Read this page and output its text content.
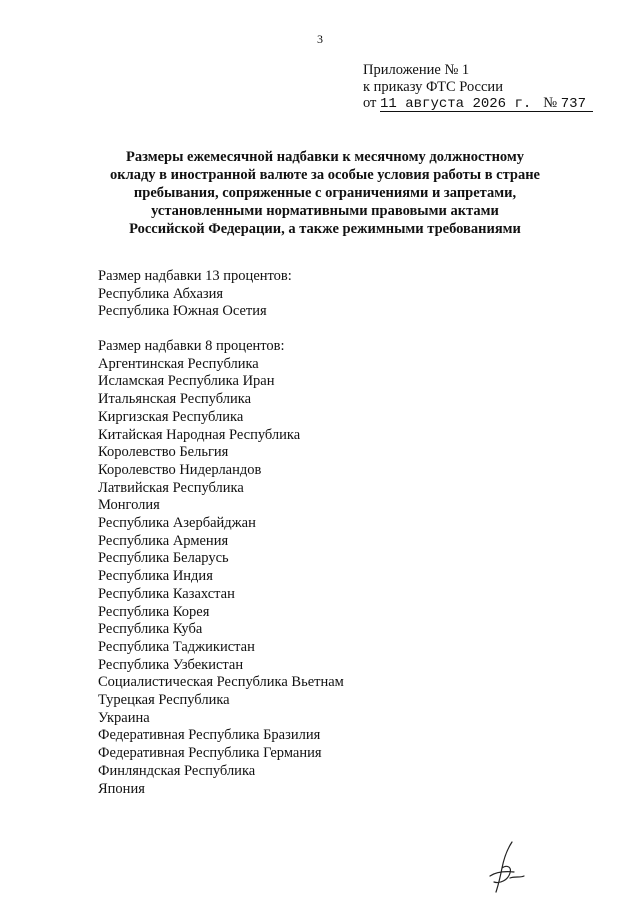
3
Приложение № 1
к приказу ФТС России
от 11 августа 2026 г. № 737
Размеры ежемесячной надбавки к месячному должностному
окладу в иностранной валюте за особые условия работы в стране
пребывания, сопряженные с ограничениями и запретами,
установленными нормативными правовыми актами
Российской Федерации, а также режимными требованиями
Размер надбавки 13 процентов:
Республика Абхазия
Республика Южная Осетия
Размер надбавки 8 процентов:
Аргентинская Республика
Исламская Республика Иран
Итальянская Республика
Киргизская Республика
Китайская Народная Республика
Королевство Бельгия
Королевство Нидерландов
Латвийская Республика
Монголия
Республика Азербайджан
Республика Армения
Республика Беларусь
Республика Индия
Республика Казахстан
Республика Корея
Республика Куба
Республика Таджикистан
Республика Узбекистан
Социалистическая Республика Вьетнам
Турецкая Республика
Украина
Федеративная Республика Бразилия
Федеративная Республика Германия
Финляндская Республика
Япония
